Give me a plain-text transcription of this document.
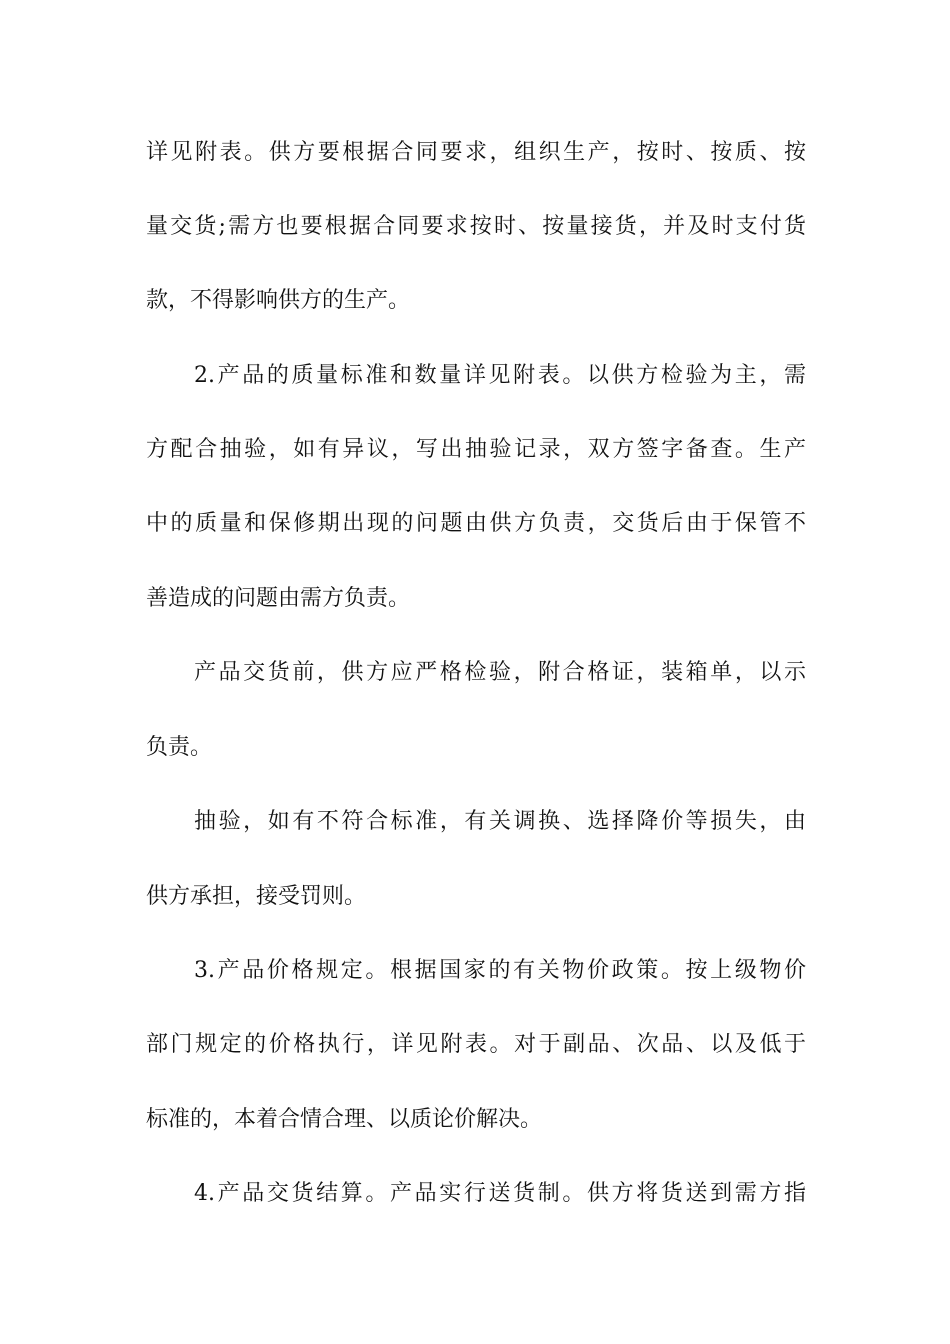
详见附表。供方要根据合同要求，组织生产，按时、按质、按
量交货;需方也要根据合同要求按时、按量接货，并及时支付货
款，不得影响供方的生产。
2.产品的质量标准和数量详见附表。以供方检验为主，需
方配合抽验，如有异议，写出抽验记录，双方签字备查。生产
中的质量和保修期出现的问题由供方负责，交货后由于保管不
善造成的问题由需方负责。
产品交货前，供方应严格检验，附合格证，装箱单，以示
负责。
抽验，如有不符合标准，有关调换、选择降价等损失，由
供方承担，接受罚则。
3.产品价格规定。根据国家的有关物价政策。按上级物价
部门规定的价格执行，详见附表。对于副品、次品、以及低于
标准的，本着合情合理、以质论价解决。
4.产品交货结算。产品实行送货制。供方将货送到需方指
